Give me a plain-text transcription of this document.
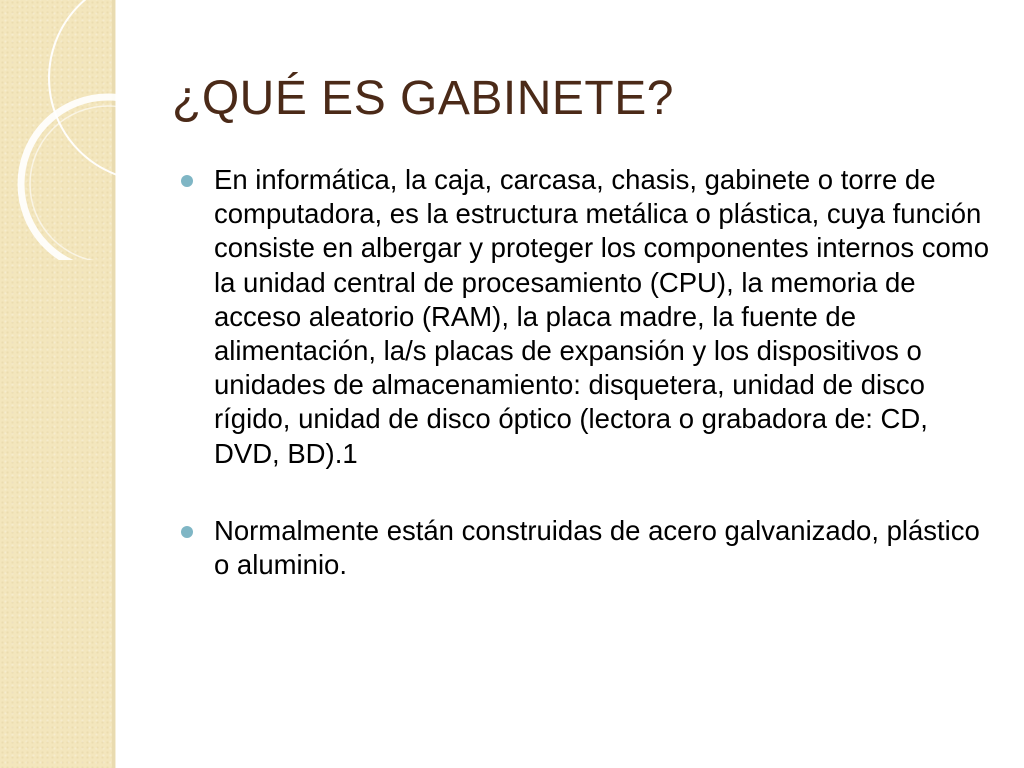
¿QUÉ ES GABINETE?
En informática, la caja, carcasa, chasis, gabinete o torre de computadora, es la estructura metálica o plástica, cuya función consiste en albergar y proteger los componentes internos como la unidad central de procesamiento (CPU), la memoria de acceso aleatorio (RAM), la placa madre, la fuente de alimentación, la/s placas de expansión y los dispositivos o unidades de almacenamiento: disquetera, unidad de disco rígido, unidad de disco óptico (lectora o grabadora de: CD, DVD, BD).1
Normalmente están construidas de acero galvanizado, plástico o aluminio.
